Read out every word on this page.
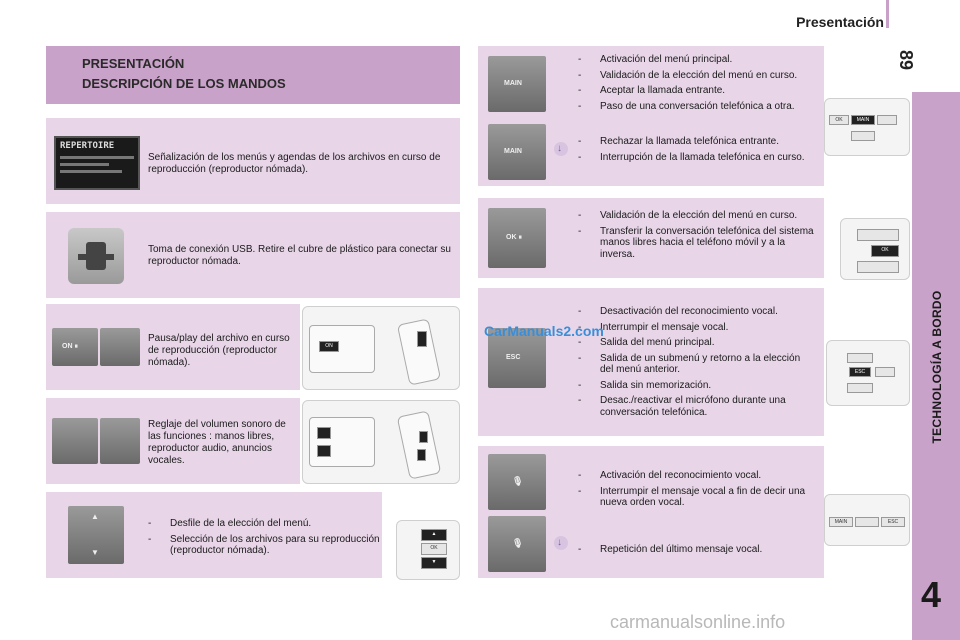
Presentación
89
TECHNOLOGÍA A BORDO
4
PRESENTACIÓN
DESCRIPCIÓN DE LOS MANDOS
REPERTOIRE
Señalización de los menús y agendas de los archivos en curso de reproducción (reproductor nómada).
Toma de conexión USB. Retire el cubre de plástico para conectar su reproductor nómada.
ON ⏸
Pausa/play del archivo en curso de reproducción (reproductor nómada).
ON
Reglaje del volumen sonoro de las funciones : manos libres, reproductor audio, anuncios vocales.
▲
▼
- Desfile de la elección del menú.
- Selección de los archivos para su reproducción (reproductor nómada).
▲
OK
▼
MAIN
MAIN	↓
- Activación del menú principal.
- Validación de la elección del menú en curso.
- Aceptar la llamada entrante.
- Paso de una conversación telefónica a otra.
- Rechazar la llamada telefónica entrante.
- Interrupción de la llamada telefónica en curso.
OK	MAIN
OK ⏸
- Validación de la elección del menú en curso.
- Transferir la conversación telefónica del sistema manos libres hacia el teléfono móvil y a la inversa.	OK
ESC
- Desactivación del reconocimiento vocal.
- Interrumpir el mensaje vocal.
- Salida del menú principal.
- Salida de un submenú y retorno a la elección del menú anterior.
- Salida sin memorización.
- Desac./reactivar el micrófono durante una conversación telefónica.
ESC
CarManuals2.com
🎙
🎙	↓
- Activación del reconocimiento vocal.
- Interrumpir el mensaje vocal a fin de decir una nueva orden vocal.
- Repetición del último mensaje vocal.
MAIN	ESC
carmanualsonline.info
